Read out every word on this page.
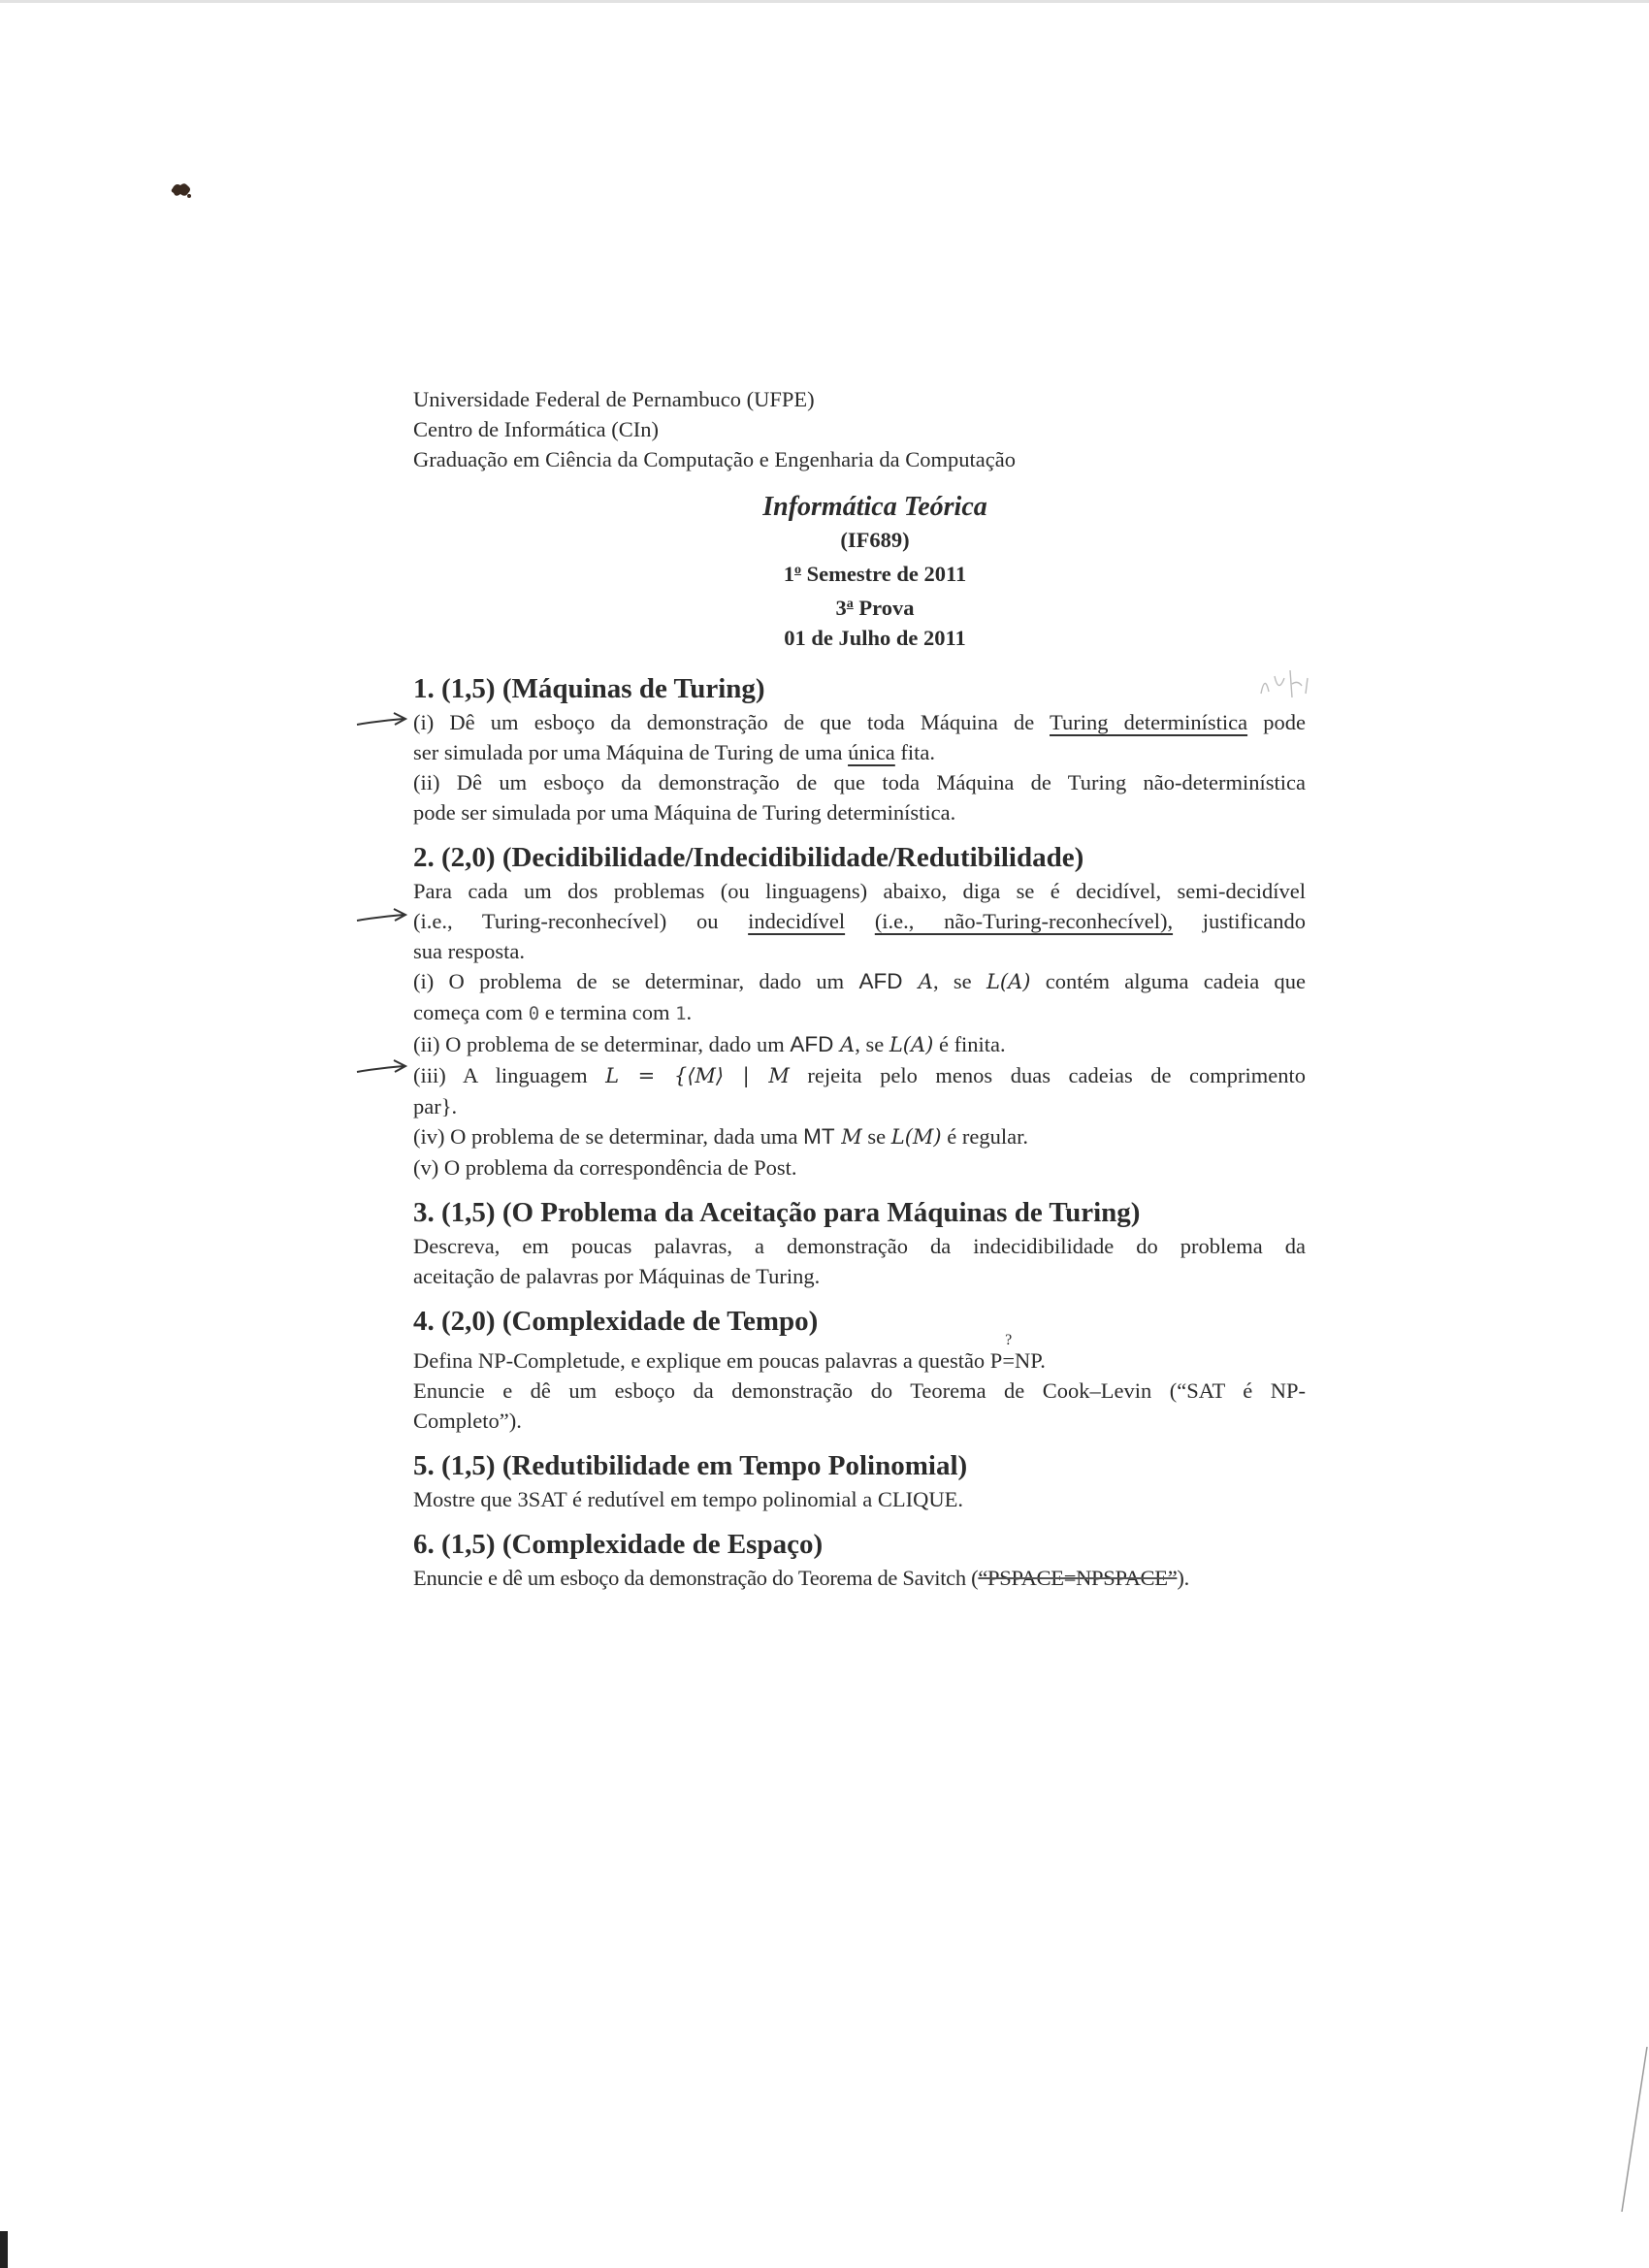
Universidade Federal de Pernambuco (UFPE)

Centro de Informática (CIn)

Graduação em Ciência da Computação e Engenharia da Computação

Informática Teórica
(IF689)
1$^o$ Semestre de 2011
3$^a$ Prova
01 de Julho de 2011
1. (1,5) (Máquinas de Turing)
(i) Dê um esboço da demonstração de que toda Máquina de Turing determinística pode
ser simulada por uma Máquina de Turing de uma única fita.
(ii) Dê um esboço da demonstração de que toda Máquina de Turing não-determinística
pode ser simulada por uma Máquina de Turing determinística.
2. (2,0) (Decidibilidade/Indecidibilidade/Redutibilidade)
Para cada um dos problemas (ou linguagens) abaixo, diga se é decidível, semi-decidível
(i.e., Turing-reconhecível) ou indecidível (i.e., não-Turing-reconhecível), justificando
sua resposta.
(i) O problema de se determinar, dado um AFD A, se L(A) contém alguma cadeia que
começa com 0 e termina com 1.
(ii) O problema de se determinar, dado um AFD A, se L(A) é finita.
(iii) A linguagem L = {⟨M⟩ | M rejeita pelo menos duas cadeias de comprimento
par}.
(iv) O problema de se determinar, dada uma MT M se L(M) é regular.
(v) O problema da correspondência de Post.
3. (1,5) (O Problema da Aceitação para Máquinas de Turing)
Descreva, em poucas palavras, a demonstração da indecidibilidade do problema da
aceitação de palavras por Máquinas de Turing.
4. (2,0) (Complexidade de Tempo)
Defina NP-Completude, e explique em poucas palavras a questão P
?
=NP.
Enuncie e dê um esboço da demonstração do Teorema de Cook–Levin (“SAT é NP-
Completo”).
5. (1,5) (Redutibilidade em Tempo Polinomial)
Mostre que 3SAT é redutível em tempo polinomial a CLIQUE.
6. (1,5) (Complexidade de Espaço)
Enuncie e dê um esboço da demonstração do Teorema de Savitch (“PSPACE=NPSPACE”).
